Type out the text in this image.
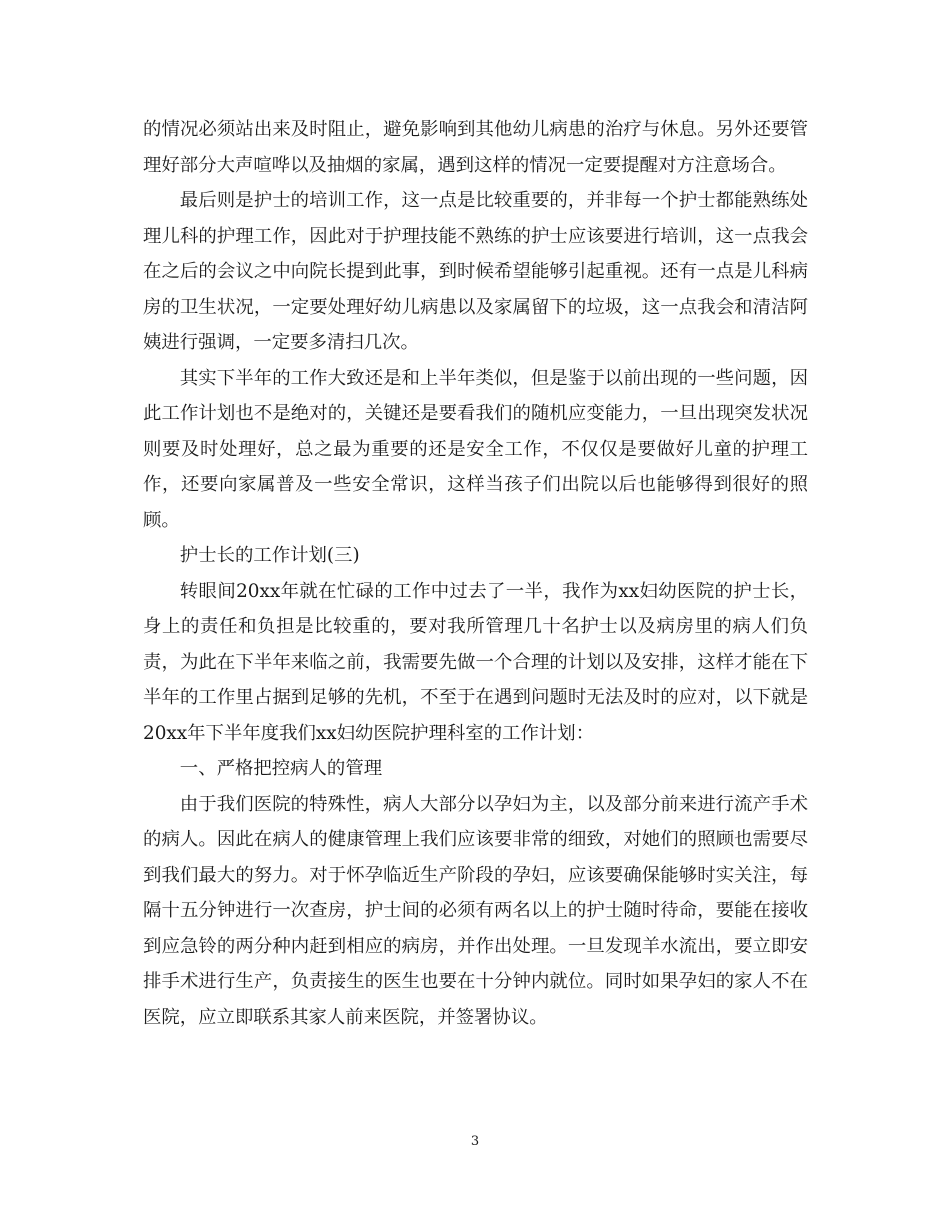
的情况必须站出来及时阻止，避免影响到其他幼儿病患的治疗与休息。另外还要管理好部分大声喧哗以及抽烟的家属，遇到这样的情况一定要提醒对方注意场合。

最后则是护士的培训工作，这一点是比较重要的，并非每一个护士都能熟练处理儿科的护理工作，因此对于护理技能不熟练的护士应该要进行培训，这一点我会在之后的会议之中向院长提到此事，到时候希望能够引起重视。还有一点是儿科病房的卫生状况，一定要处理好幼儿病患以及家属留下的垃圾，这一点我会和清洁阿姨进行强调，一定要多清扫几次。

其实下半年的工作大致还是和上半年类似，但是鉴于以前出现的一些问题，因此工作计划也不是绝对的，关键还是要看我们的随机应变能力，一旦出现突发状况则要及时处理好，总之最为重要的还是安全工作，不仅仅是要做好儿童的护理工作，还要向家属普及一些安全常识，这样当孩子们出院以后也能够得到很好的照顾。

护士长的工作计划(三)

转眼间20xx年就在忙碌的工作中过去了一半，我作为xx妇幼医院的护士长，身上的责任和负担是比较重的，要对我所管理几十名护士以及病房里的病人们负责，为此在下半年来临之前，我需要先做一个合理的计划以及安排，这样才能在下半年的工作里占据到足够的先机，不至于在遇到问题时无法及时的应对，以下就是20xx年下半年度我们xx妇幼医院护理科室的工作计划：

一、严格把控病人的管理

由于我们医院的特殊性，病人大部分以孕妇为主，以及部分前来进行流产手术的病人。因此在病人的健康管理上我们应该要非常的细致，对她们的照顾也需要尽到我们最大的努力。对于怀孕临近生产阶段的孕妇，应该要确保能够时实关注，每隔十五分钟进行一次查房，护士间的必须有两名以上的护士随时待命，要能在接收到应急铃的两分种内赶到相应的病房，并作出处理。一旦发现羊水流出，要立即安排手术进行生产，负责接生的医生也要在十分钟内就位。同时如果孕妇的家人不在医院，应立即联系其家人前来医院，并签署协议。

3
